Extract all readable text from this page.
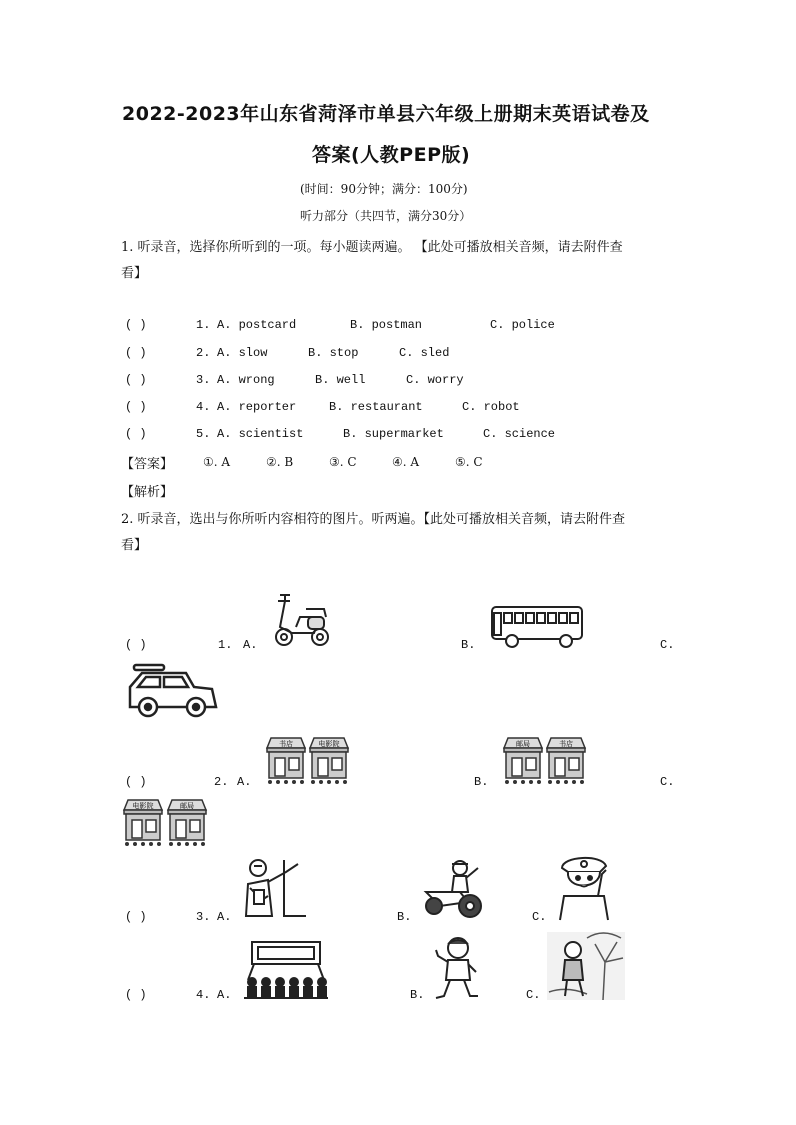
2022-2023年山东省菏泽市单县六年级上册期末英语试卷及
答案(人教PEP版)
(时间：90分钟；满分：100分)
听力部分（共四节，满分30分）
1. 听录音，选择你所听到的一项。每小题读两遍。 【此处可播放相关音频，请去附件查
看】
( )	1. A. postcard	B. postman	C. police
( )	2. A. slow	B. stop	C. sled
( )	3. A. wrong	B. well	C. worry
( )	4. A. reporter	B. restaurant	C. robot
( )	5. A. scientist	B. supermarket	C. science
【答案】 ①. A	②. B	③. C	④. A	⑤. C
【解析】
2. 听录音，选出与你所听内容相符的图片。听两遍。【此处可播放相关音频，请去附件查
看】
( )	1. A.	B.	C.
( )	2. A.	B.	C.
书店	电影院	邮局	书店
电影院	邮局
( )	3. A.	B.	C.
( )	4. A.	B.	C.
